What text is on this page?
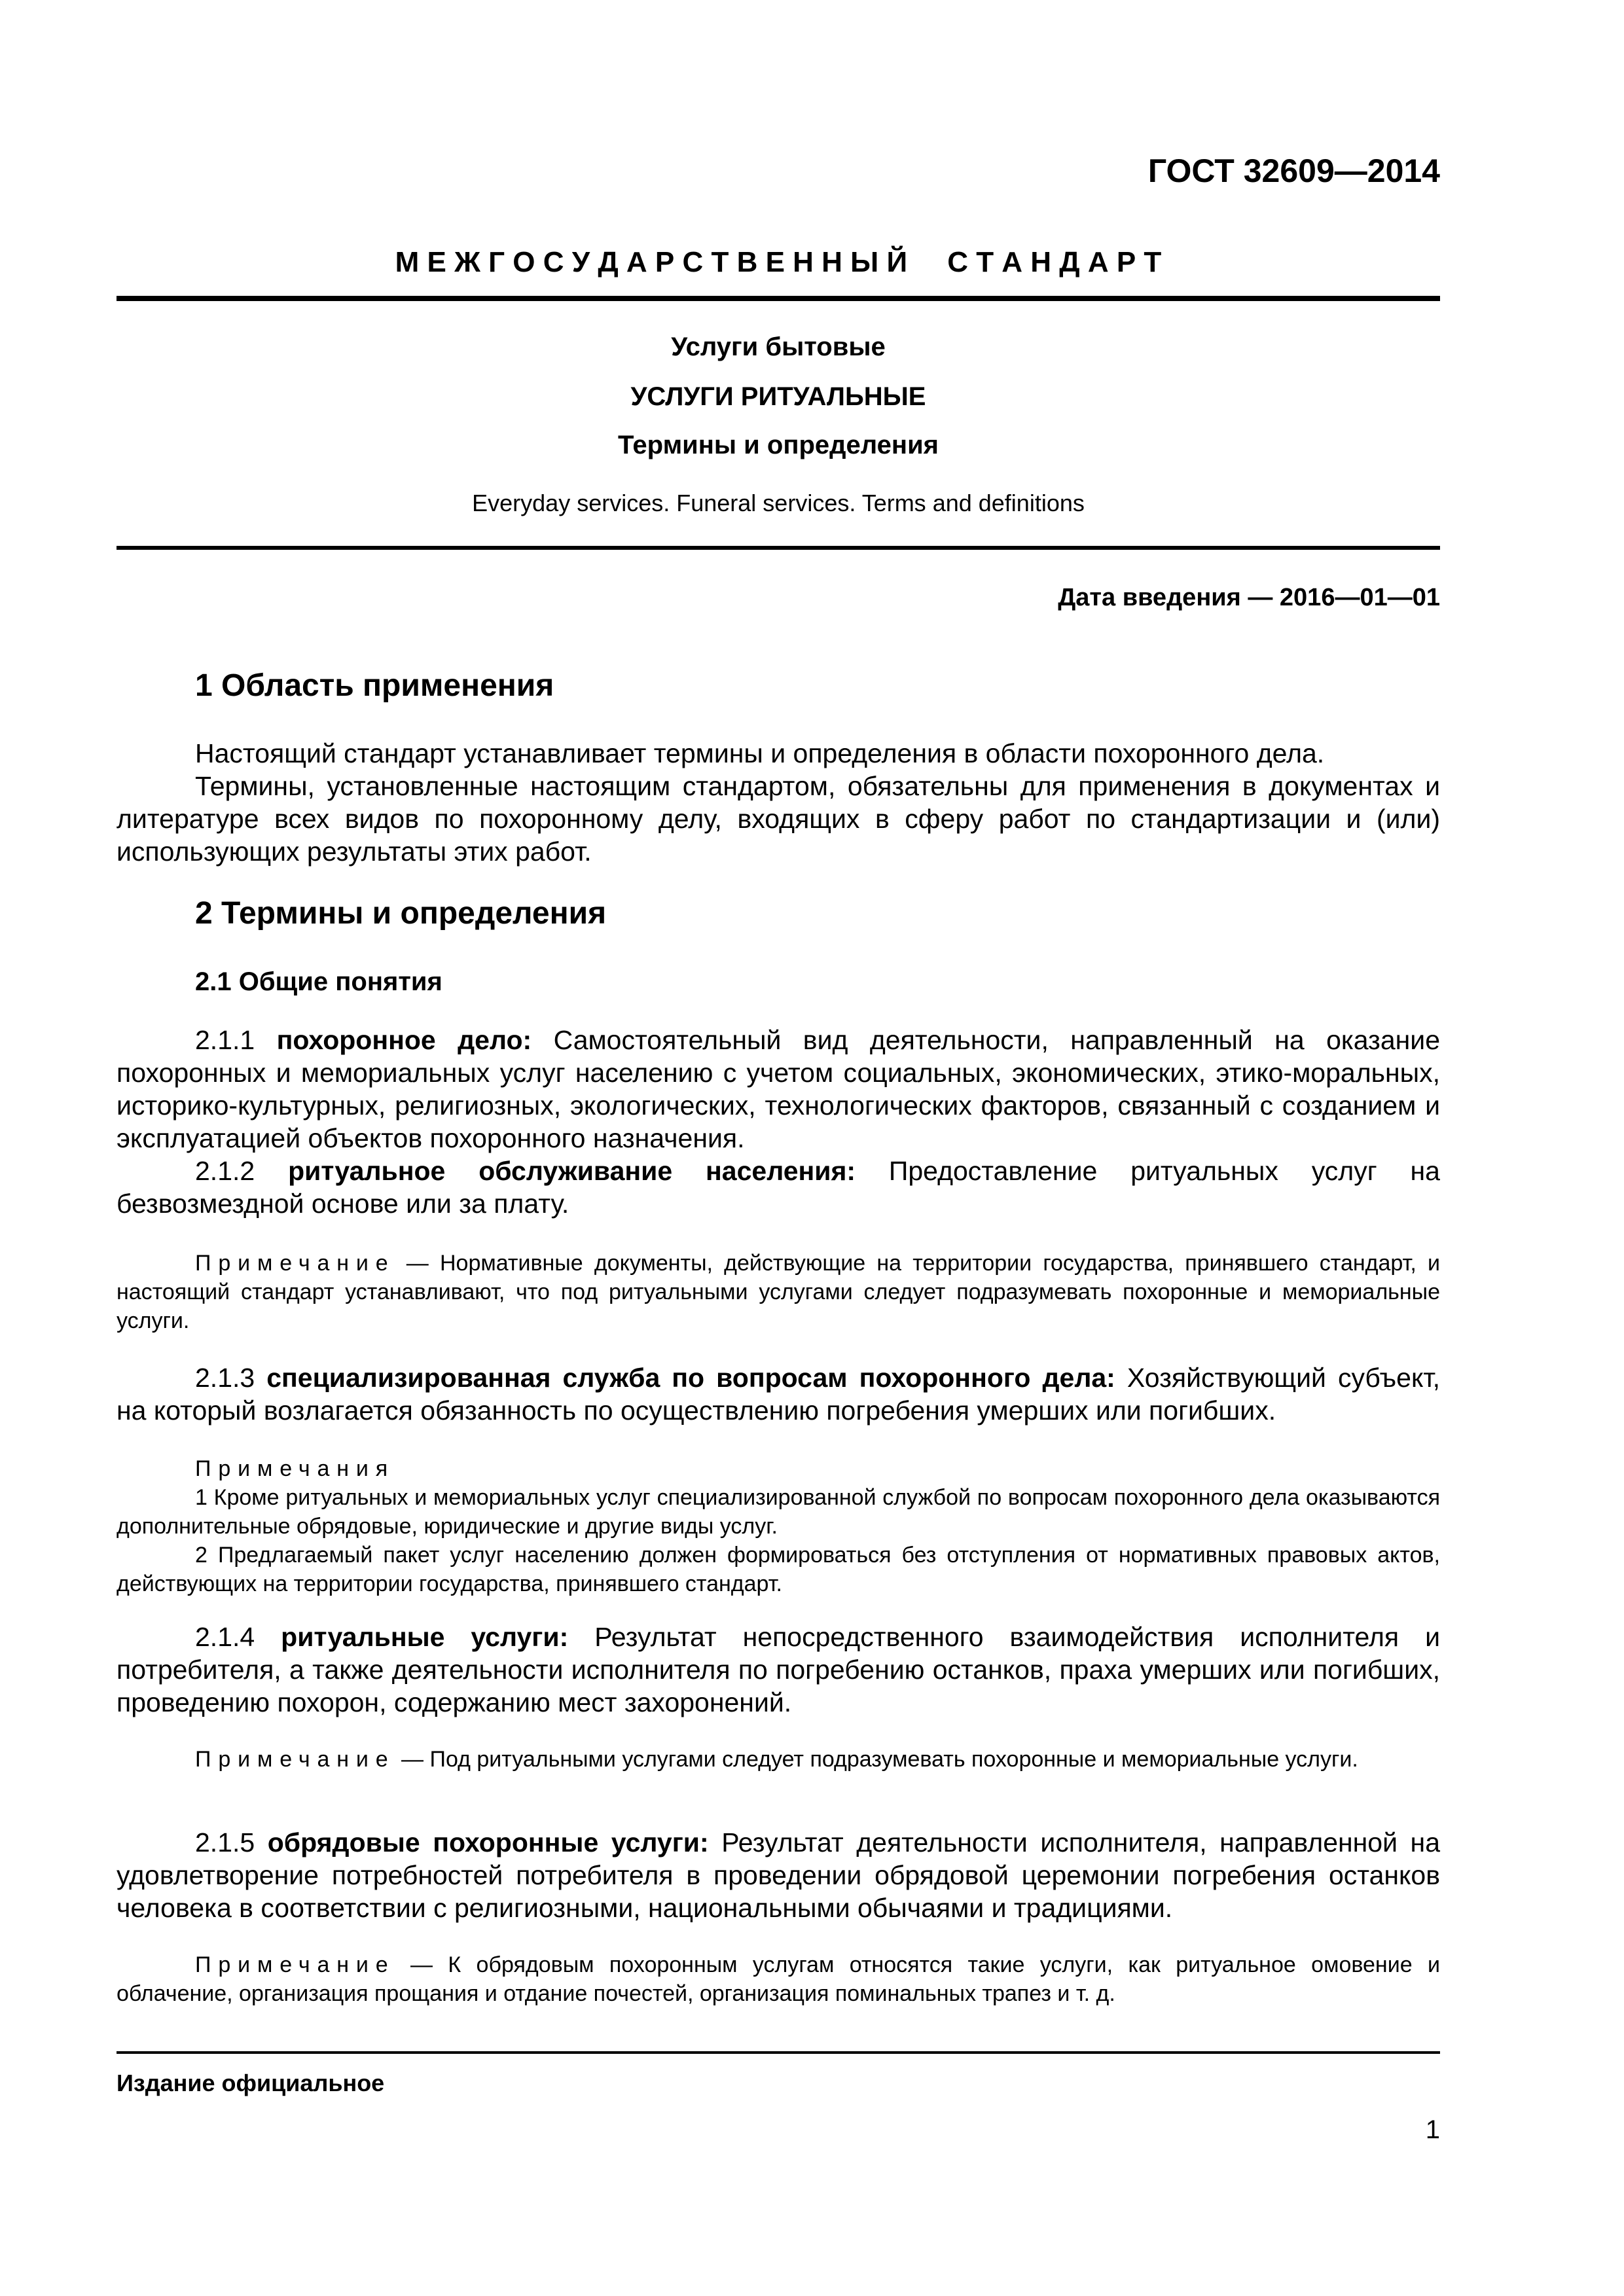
ГОСТ 32609—2014
М Е Ж Г О С У Д А Р С Т В Е Н Н Ы Й     С Т А Н Д А Р Т
Услуги бытовые
УСЛУГИ РИТУАЛЬНЫЕ
Термины и определения
Everyday services. Funeral services. Terms and definitions
Дата введения — 2016—01—01
1 Область применения

Настоящий стандарт устанавливает термины и определения в области похоронного дела.

Термины, установленные настоящим стандартом, обязательны для применения в документах и литературе всех видов по похоронному делу, входящих в сферу работ по стандартизации и (или) использующих результаты этих работ.

2 Термины и определения
2.1 Общие понятия

2.1.1 похоронное дело: Самостоятельный вид деятельности, направленный на оказание похоронных и мемориальных услуг населению с учетом социальных, экономических, этико-моральных, историко-культурных, религиозных, экологических, технологических факторов, связанный с созданием и эксплуатацией объектов похоронного назначения.

2.1.2 ритуальное обслуживание населения: Предоставление ритуальных услуг на безвозмездной основе или за плату.

Примечание — Нормативные документы, действующие на территории государства, принявшего стандарт, и настоящий стандарт устанавливают, что под ритуальными услугами следует подразумевать похоронные и мемориальные услуги.

2.1.3 специализированная служба по вопросам похоронного дела: Хозяйствующий субъект, на который возлагается обязанность по осуществлению погребения умерших или погибших.

Примечания

1 Кроме ритуальных и мемориальных услуг специализированной службой по вопросам похоронного дела оказываются дополнительные обрядовые, юридические и другие виды услуг.

2 Предлагаемый пакет услуг населению должен формироваться без отступления от нормативных правовых актов, действующих на территории государства, принявшего стандарт.

2.1.4 ритуальные услуги: Результат непосредственного взаимодействия исполнителя и потребителя, а также деятельности исполнителя по погребению останков, праха умерших или погибших, проведению похорон, содержанию мест захоронений.

Примечание — Под ритуальными услугами следует подразумевать похоронные и мемориальные услуги.

2.1.5 обрядовые похоронные услуги: Результат деятельности исполнителя, направленной на удовлетворение потребностей потребителя в проведении обрядовой церемонии погребения останков человека в соответствии с религиозными, национальными обычаями и традициями.

Примечание — К обрядовым похоронным услугам относятся такие услуги, как ритуальное омовение и облачение, организация прощания и отдание почестей, организация поминальных трапез и т. д.

Издание официальное
1
